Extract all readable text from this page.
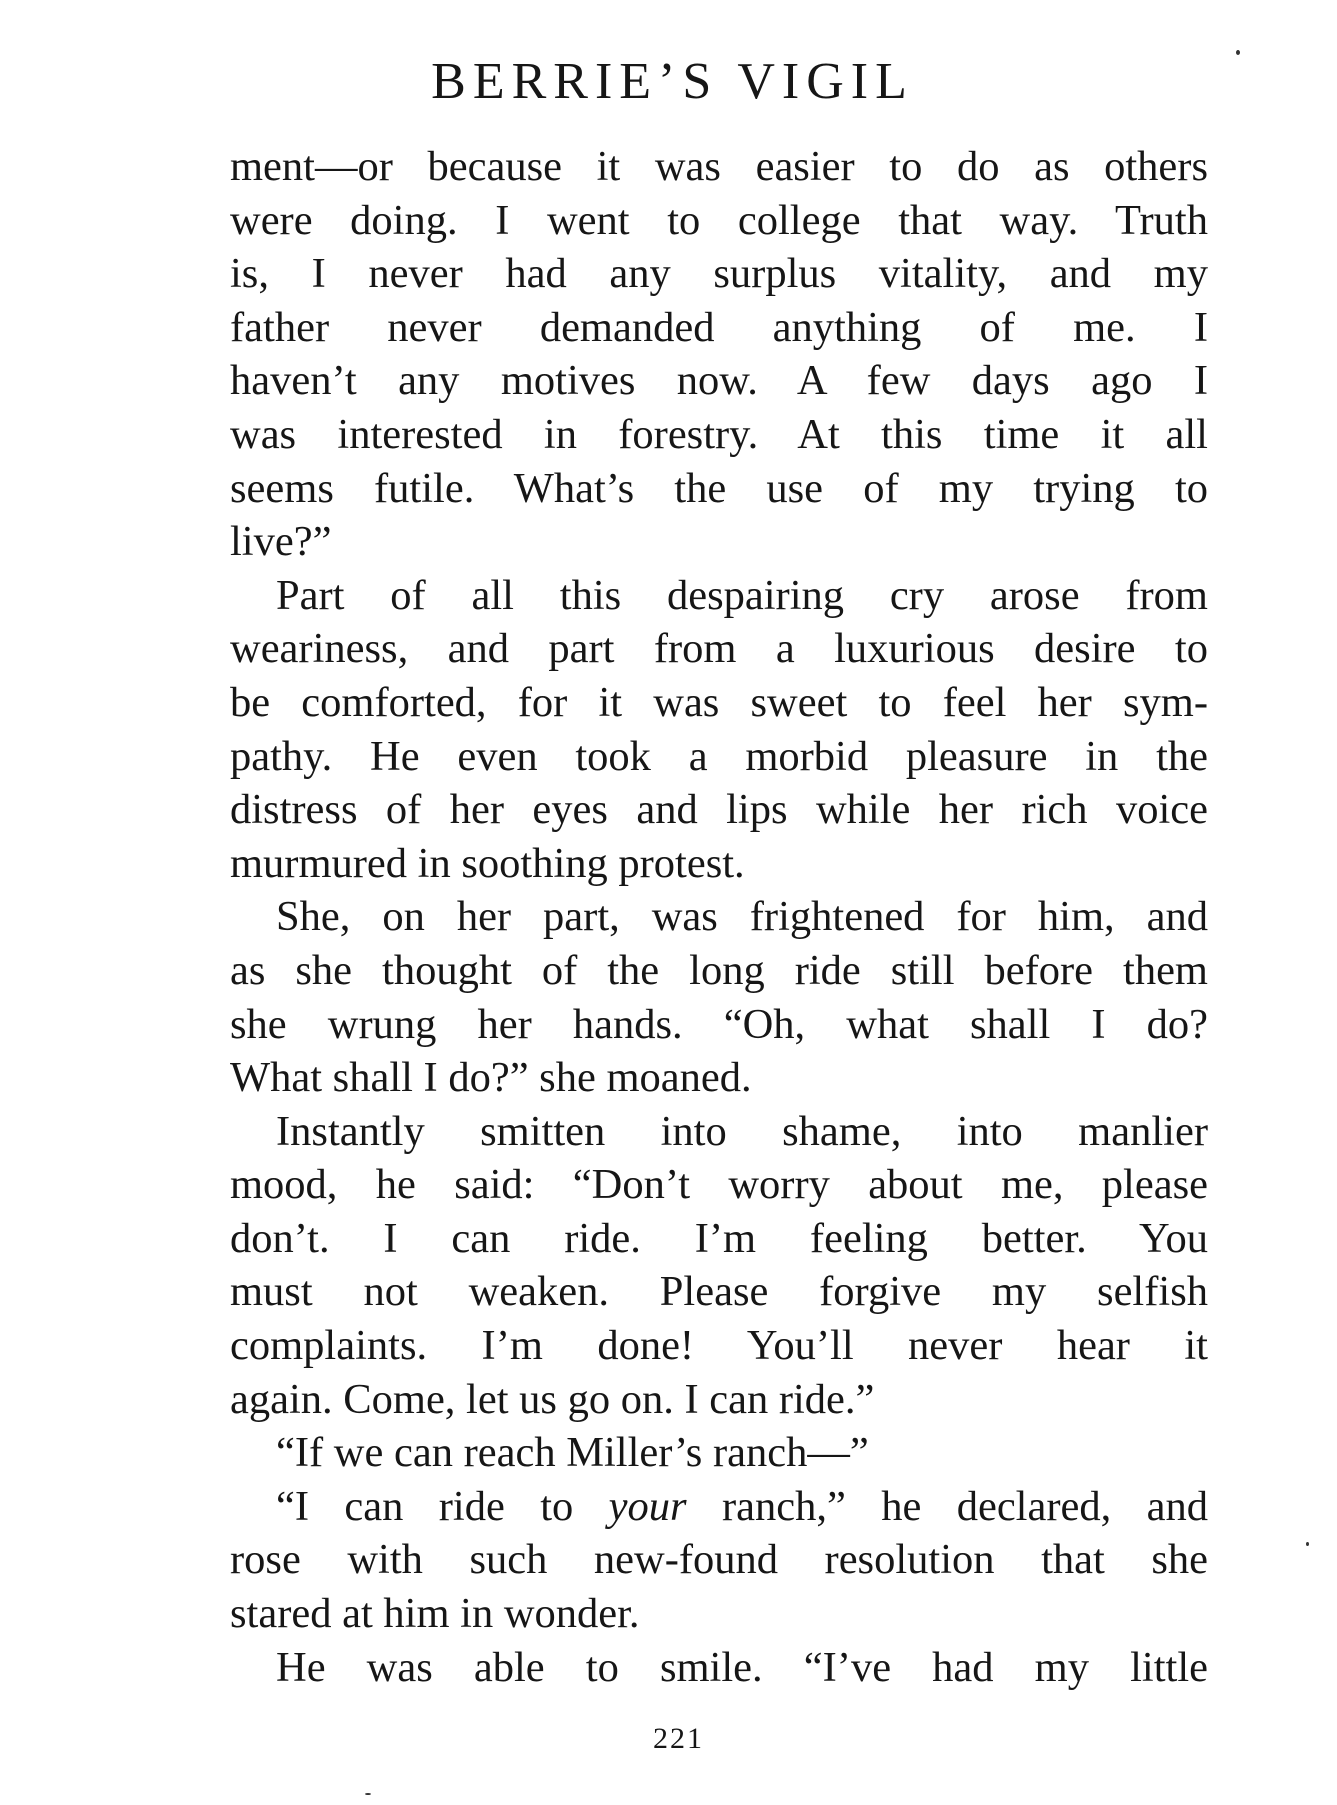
BERRIE’S VIGIL

ment—or because it was easier to do as others

were doing. I went to college that way. Truth

is, I never had any surplus vitality, and my

father never demanded anything of me. I

haven’t any motives now. A few days ago I

was interested in forestry. At this time it all

seems futile. What’s the use of my trying to

live?”

Part of all this despairing cry arose from

weariness, and part from a luxurious desire to

be comforted, for it was sweet to feel her sym-

pathy. He even took a morbid pleasure in the

distress of her eyes and lips while her rich voice

murmured in soothing protest.

She, on her part, was frightened for him, and

as she thought of the long ride still before them

she wrung her hands. “Oh, what shall I do?

What shall I do?” she moaned.

Instantly smitten into shame, into manlier

mood, he said: “Don’t worry about me, please

don’t. I can ride. I’m feeling better. You

must not weaken. Please forgive my selfish

complaints. I’m done! You’ll never hear it

again. Come, let us go on. I can ride.”

“If we can reach Miller’s ranch—”

“I can ride to your ranch,” he declared, and

rose with such new-found resolution that she

stared at him in wonder.

He was able to smile. “I’ve had my little

221
